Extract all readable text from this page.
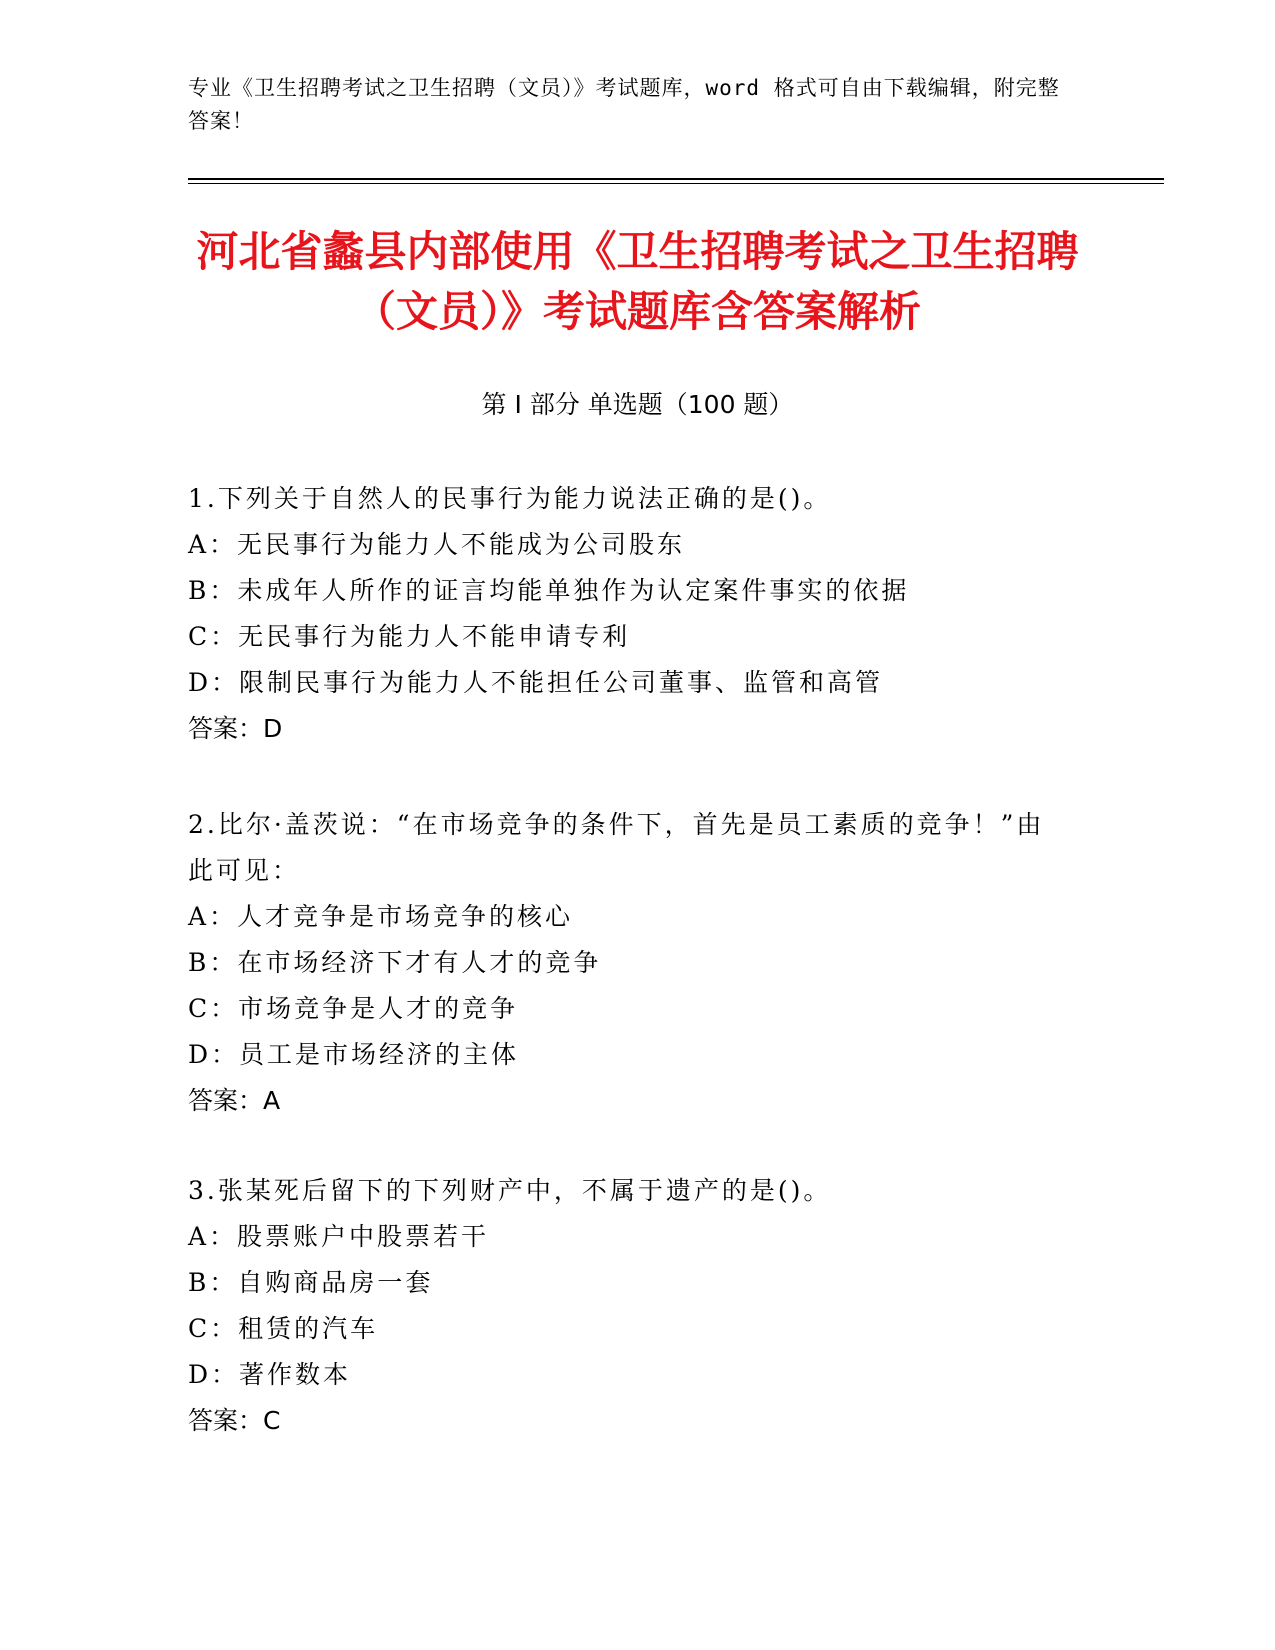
专业《卫生招聘考试之卫生招聘（文员）》考试题库，word 格式可自由下载编辑，附完整答案！
河北省蠡县内部使用《卫生招聘考试之卫生招聘（文员）》考试题库含答案解析
第 I 部分 单选题（100 题）
1.下列关于自然人的民事行为能力说法正确的是()。
A：无民事行为能力人不能成为公司股东
B：未成年人所作的证言均能单独作为认定案件事实的依据
C：无民事行为能力人不能申请专利
D：限制民事行为能力人不能担任公司董事、监管和高管
答案：D
2.比尔·盖茨说：“在市场竞争的条件下，首先是员工素质的竞争！”由此可见：
A：人才竞争是市场竞争的核心
B：在市场经济下才有人才的竞争
C：市场竞争是人才的竞争
D：员工是市场经济的主体
答案：A
3.张某死后留下的下列财产中，不属于遗产的是()。
A：股票账户中股票若干
B：自购商品房一套
C：租赁的汽车
D：著作数本
答案：C
